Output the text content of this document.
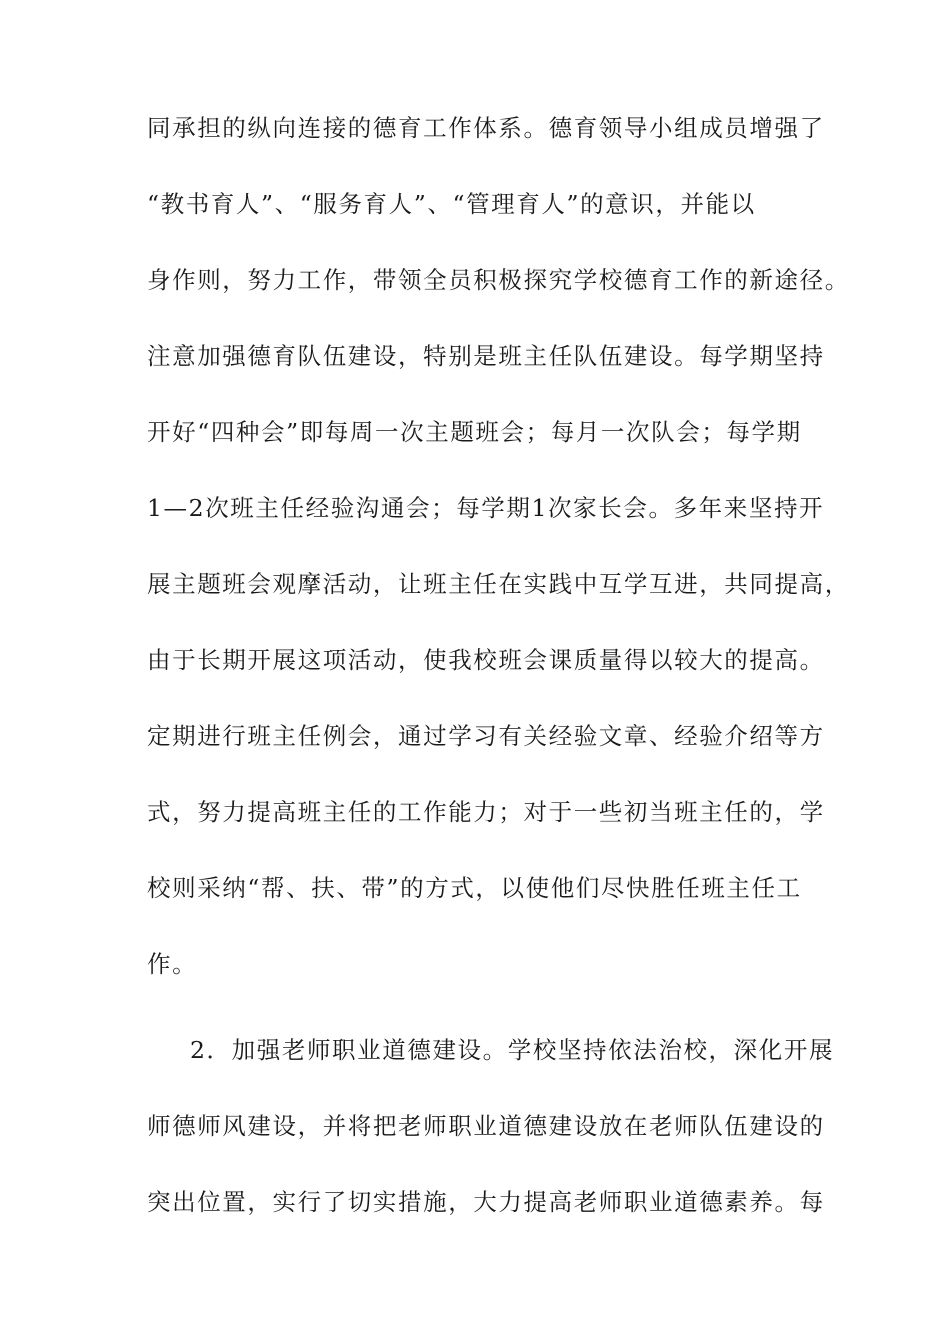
同承担的纵向连接的德育工作体系。德育领导小组成员增强了
“教书育人”、“服务育人”、“管理育人”的意识，并能以
身作则，努力工作，带领全员积极探究学校德育工作的新途径。
注意加强德育队伍建设，特别是班主任队伍建设。每学期坚持
开好“四种会”即每周一次主题班会；每月一次队会；每学期
1—2次班主任经验沟通会；每学期1次家长会。多年来坚持开
展主题班会观摩活动，让班主任在实践中互学互进，共同提高，
由于长期开展这项活动，使我校班会课质量得以较大的提高。
定期进行班主任例会，通过学习有关经验文章、经验介绍等方
式，努力提高班主任的工作能力；对于一些初当班主任的，学
校则采纳“帮、扶、带”的方式，以使他们尽快胜任班主任工
作。
2．加强老师职业道德建设。学校坚持依法治校，深化开展
师德师风建设，并将把老师职业道德建设放在老师队伍建设的
突出位置，实行了切实措施，大力提高老师职业道德素养。每
